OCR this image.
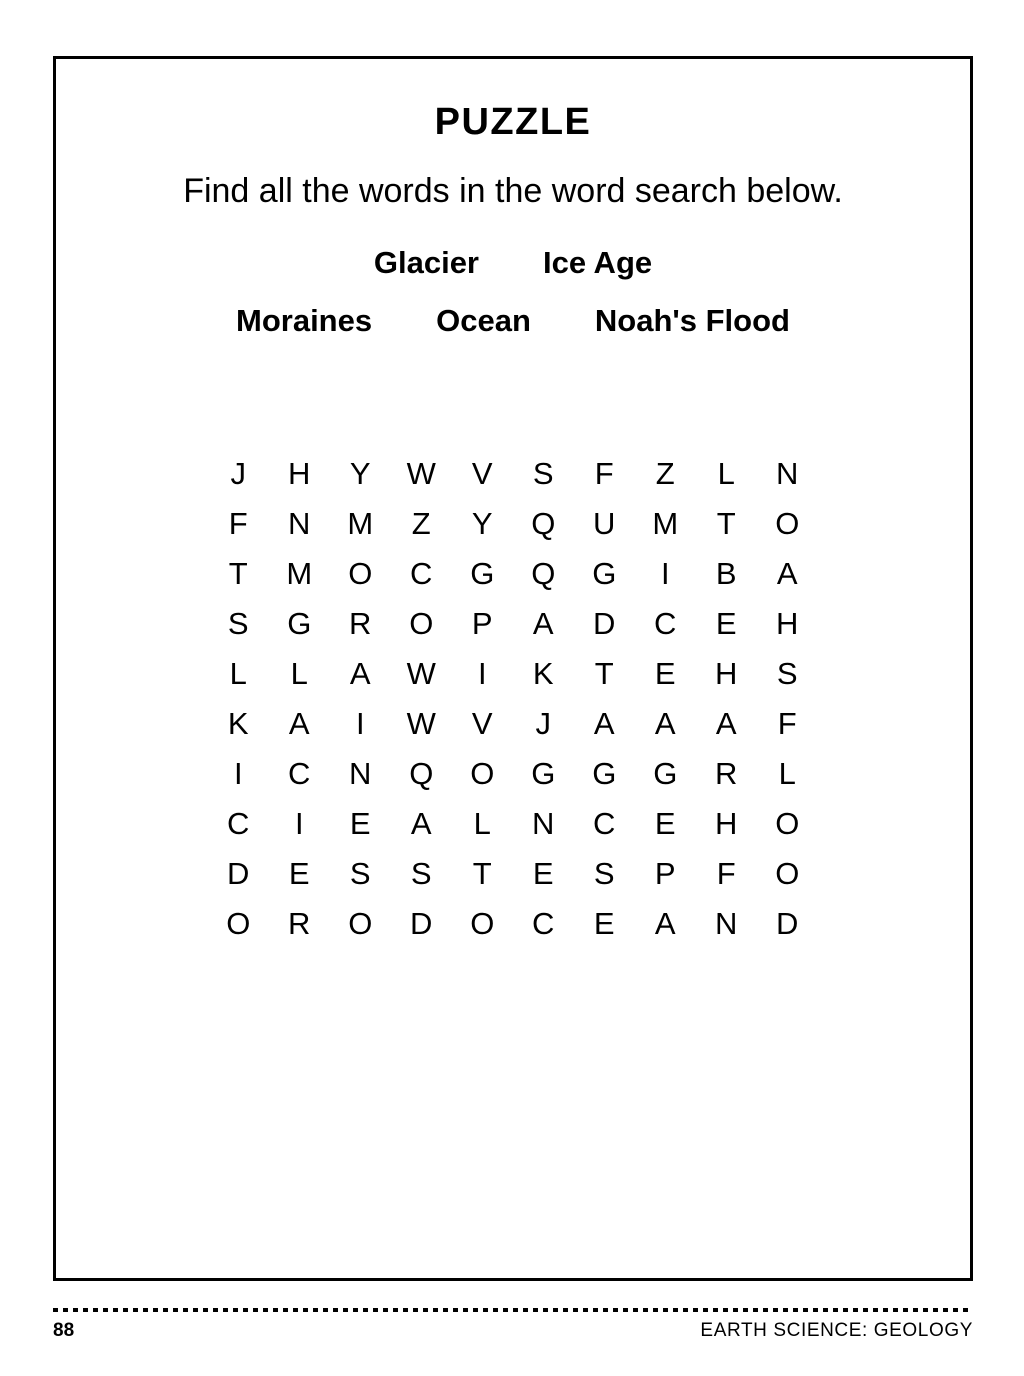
PUZZLE
Find all the words in the word search below.
Glacier Ice Age
Moraines Ocean Noah's Flood
J	H	Y	W	V	S	F	Z	L	N
F	N	M	Z	Y	Q	U	M	T	O
T	M	O	C	G	Q	G	I	B	A
S	G	R	O	P	A	D	C	E	H
L	L	A	W	I	K	T	E	H	S
K	A	I	W	V	J	A	A	A	F
I	C	N	Q	O	G	G	G	R	L
C	I	E	A	L	N	C	E	H	O
D	E	S	S	T	E	S	P	F	O
O	R	O	D	O	C	E	A	N	D
88	EARTH SCIENCE: GEOLOGY
